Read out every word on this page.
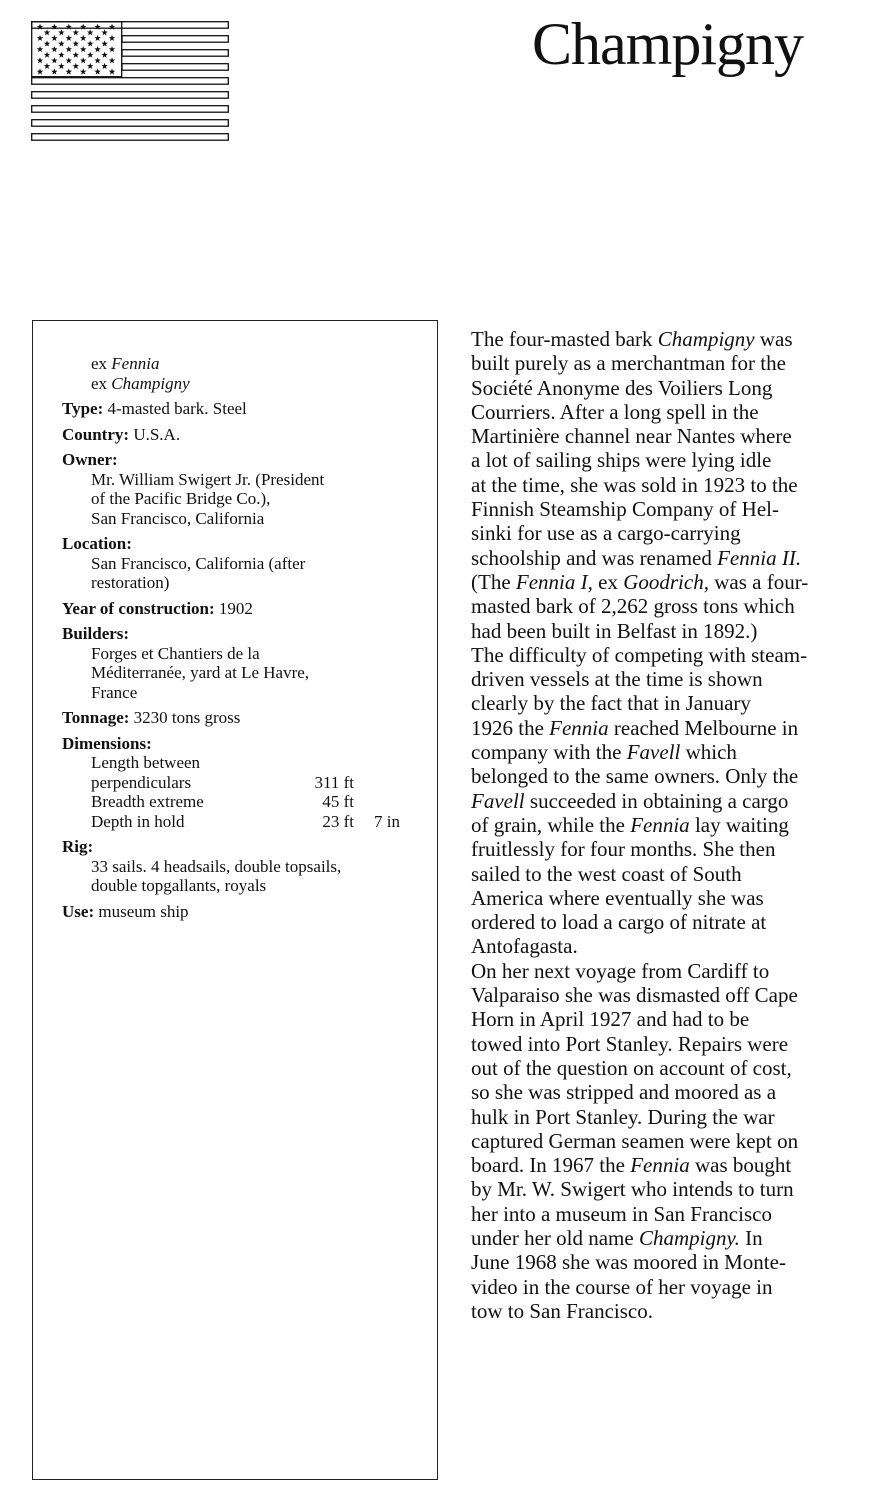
Champigny
ex Fennia
ex Champigny
Type: 4-masted bark. Steel
Country: U.S.A.
Owner:
Mr. William Swigert Jr. (President
of the Pacific Bridge Co.),
San Francisco, California
Location:
San Francisco, California (after
restoration)
Year of construction: 1902
Builders:
Forges et Chantiers de la
Méditerranée, yard at Le Havre,
France
Tonnage: 3230 tons gross
Dimensions:
Length between
perpendiculars	311 ft
Breadth extreme	45 ft
Depth in hold	23 ft	7 in
Rig:
33 sails. 4 headsails, double topsails,
double topgallants, royals
Use: museum ship

The four-masted bark Champigny was

built purely as a merchantman for the

Société Anonyme des Voiliers Long

Courriers. After a long spell in the

Martinière channel near Nantes where

a lot of sailing ships were lying idle

at the time, she was sold in 1923 to the

Finnish Steamship Company of Hel-

sinki for use as a cargo-carrying

schoolship and was renamed Fennia II.

(The Fennia I, ex Goodrich, was a four-

masted bark of 2,262 gross tons which

had been built in Belfast in 1892.)

The difficulty of competing with steam-

driven vessels at the time is shown

clearly by the fact that in January

1926 the Fennia reached Melbourne in

company with the Favell which

belonged to the same owners. Only the

Favell succeeded in obtaining a cargo

of grain, while the Fennia lay waiting

fruitlessly for four months. She then

sailed to the west coast of South

America where eventually she was

ordered to load a cargo of nitrate at

Antofagasta.

On her next voyage from Cardiff to

Valparaiso she was dismasted off Cape

Horn in April 1927 and had to be

towed into Port Stanley. Repairs were

out of the question on account of cost,

so she was stripped and moored as a

hulk in Port Stanley. During the war

captured German seamen were kept on

board. In 1967 the Fennia was bought

by Mr. W. Swigert who intends to turn

her into a museum in San Francisco

under her old name Champigny. In

June 1968 she was moored in Monte-

video in the course of her voyage in

tow to San Francisco.
